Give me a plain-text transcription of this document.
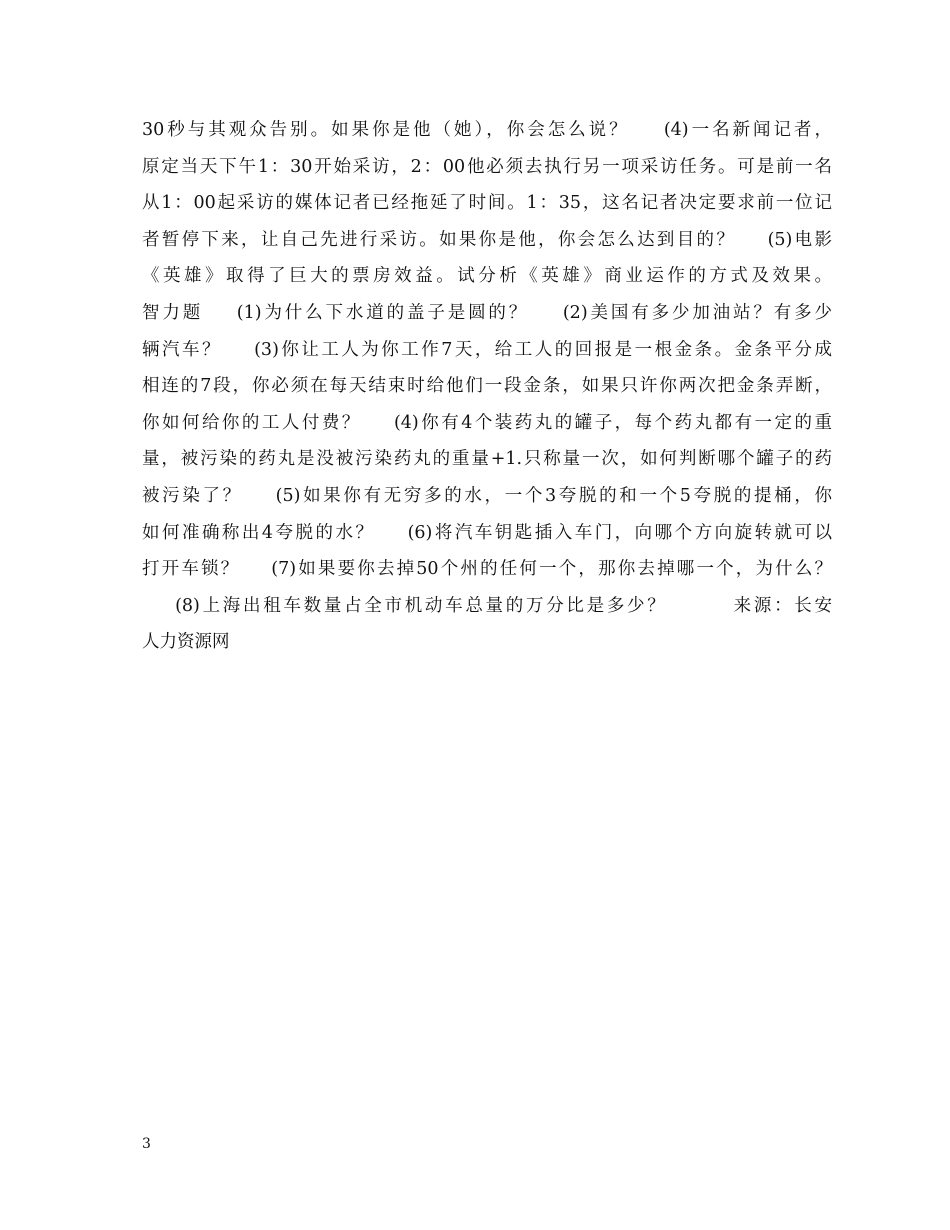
30秒与其观众告别。如果你是他（她），你会怎么说？    (4)一名新闻记者，
原定当天下午1：30开始采访，2：00他必须去执行另一项采访任务。可是前一名
从1：00起采访的媒体记者已经拖延了时间。1：35，这名记者决定要求前一位记
者暂停下来，让自己先进行采访。如果你是他，你会怎么达到目的？    (5)电影
《英雄》取得了巨大的票房效益。试分析《英雄》商业运作的方式及效果。
智力题    (1)为什么下水道的盖子是圆的？    (2)美国有多少加油站？有多少
辆汽车？    (3)你让工人为你工作7天，给工人的回报是一根金条。金条平分成
相连的7段，你必须在每天结束时给他们一段金条，如果只许你两次把金条弄断，
你如何给你的工人付费？    (4)你有4个装药丸的罐子，每个药丸都有一定的重
量，被污染的药丸是没被污染药丸的重量+1.只称量一次，如何判断哪个罐子的药
被污染了？    (5)如果你有无穷多的水，一个3夸脱的和一个5夸脱的提桶，你
如何准确称出4夸脱的水？    (6)将汽车钥匙插入车门，向哪个方向旋转就可以
打开车锁？    (7)如果要你去掉50个州的任何一个，那你去掉哪一个，为什么？
(8)上海出租车数量占全市机动车总量的万分比是多少？        来源：长安
人力资源网
3
